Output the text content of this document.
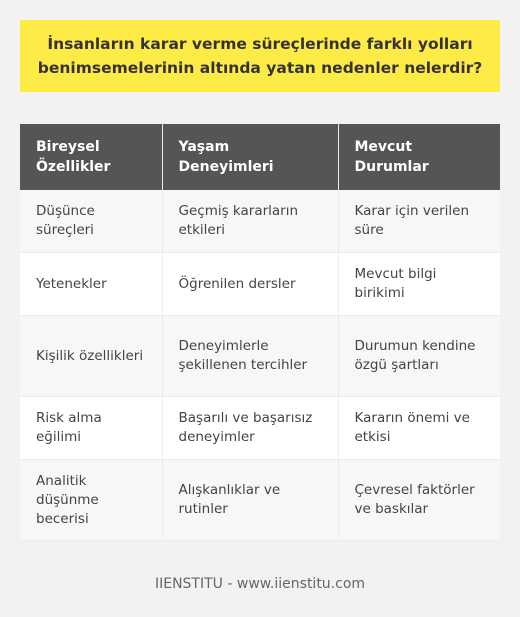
İnsanların karar verme süreçlerinde farklı yolları benimsemelerinin altında yatan nedenler nelerdir?
Bireysel Özellikler	Yaşam Deneyimleri	Mevcut Durumlar
Düşünce süreçleri	Geçmiş kararların etkileri	Karar için verilen süre
Yetenekler	Öğrenilen dersler	Mevcut bilgi birikimi
Kişilik özellikleri	Deneyimlerle şekillenen tercihler	Durumun kendine özgü şartları
Risk alma eğilimi	Başarılı ve başarısız deneyimler	Kararın önemi ve etkisi
Analitik düşünme becerisi	Alışkanlıklar ve rutinler	Çevresel faktörler ve baskılar
IIENSTITU - www.iienstitu.com
